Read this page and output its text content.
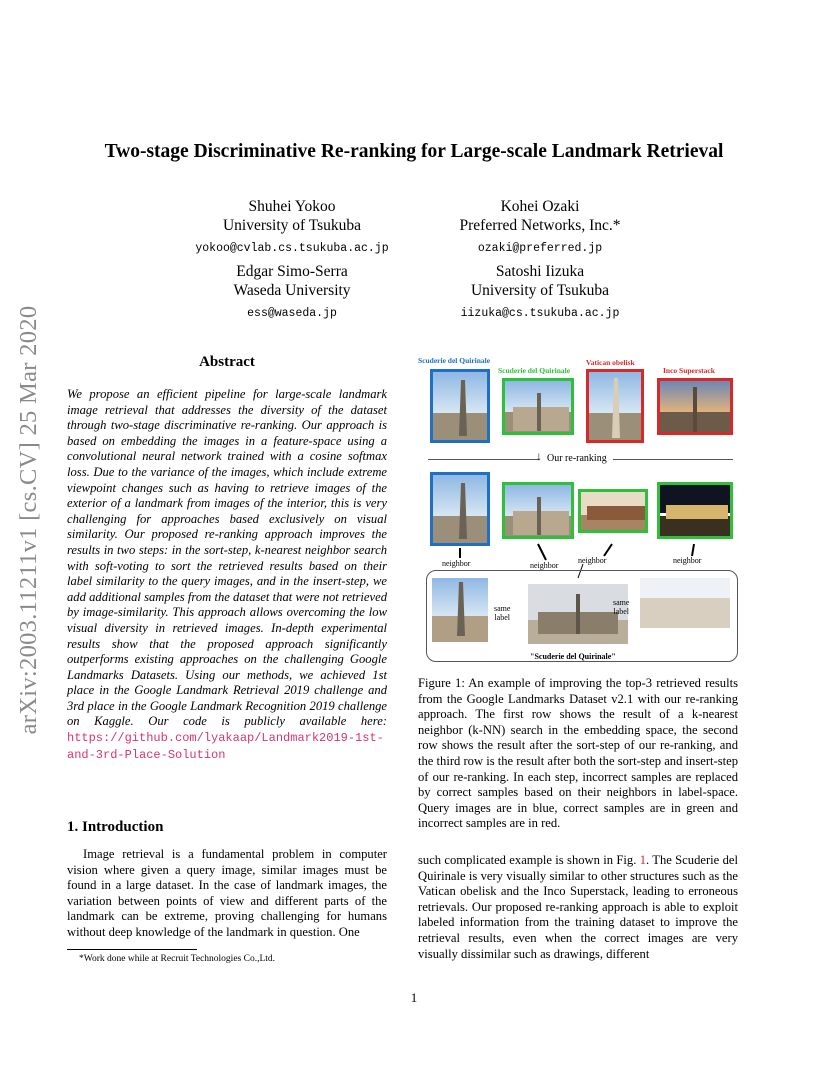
arXiv:2003.11211v1 [cs.CV] 25 Mar 2020
Two-stage Discriminative Re-ranking for Large-scale Landmark Retrieval
Shuhei Yokoo
University of Tsukuba
yokoo@cvlab.cs.tsukuba.ac.jp
Kohei Ozaki
Preferred Networks, Inc.*
ozaki@preferred.jp
Edgar Simo-Serra
Waseda University
ess@waseda.jp
Satoshi Iizuka
University of Tsukuba
iizuka@cs.tsukuba.ac.jp
Abstract
We propose an efficient pipeline for large-scale landmark image retrieval that addresses the diversity of the dataset through two-stage discriminative re-ranking. Our approach is based on embedding the images in a feature-space using a convolutional neural network trained with a cosine softmax loss. Due to the variance of the images, which include extreme viewpoint changes such as having to retrieve images of the exterior of a landmark from images of the interior, this is very challenging for approaches based exclusively on visual similarity. Our proposed re-ranking approach improves the results in two steps: in the sort-step, k-nearest neighbor search with soft-voting to sort the retrieved results based on their label similarity to the query images, and in the insert-step, we add additional samples from the dataset that were not retrieved by image-similarity. This approach allows overcoming the low visual diversity in retrieved images. In-depth experimental results show that the proposed approach significantly outperforms existing approaches on the challenging Google Landmarks Datasets. Using our methods, we achieved 1st place in the Google Landmark Retrieval 2019 challenge and 3rd place in the Google Landmark Recognition 2019 challenge on Kaggle. Our code is publicly available here: https://github.com/lyakaap/Landmark2019-1st-and-3rd-Place-Solution
1. Introduction
Image retrieval is a fundamental problem in computer vision where given a query image, similar images must be found in a large dataset. In the case of landmark images, the variation between points of view and different parts of the landmark can be extreme, proving challenging for humans without deep knowledge of the landmark in question. One
*Work done while at Recruit Technologies Co.,Ltd.
Scuderie del Quirinale
Scuderie del Quirinale
Vatican obelisk
Inco Superstack
↓ Our re-ranking
neighbor	neighbor
neighbor	neighbor
same
label
same
label
"Scuderie del Quirinale"
Figure 1: An example of improving the top-3 retrieved results from the Google Landmarks Dataset v2.1 with our re-ranking approach. The first row shows the result of a k-nearest neighbor (k-NN) search in the embedding space, the second row shows the result after the sort-step of our re-ranking, and the third row is the result after both the sort-step and insert-step of our re-ranking. In each step, incorrect samples are replaced by correct samples based on their neighbors in label-space. Query images are in blue, correct samples are in green and incorrect samples are in red.
such complicated example is shown in Fig. 1. The Scuderie del Quirinale is very visually similar to other structures such as the Vatican obelisk and the Inco Superstack, leading to erroneous retrievals. Our proposed re-ranking approach is able to exploit labeled information from the training dataset to improve the retrieval results, even when the correct images are very visually dissimilar such as drawings, different
1
